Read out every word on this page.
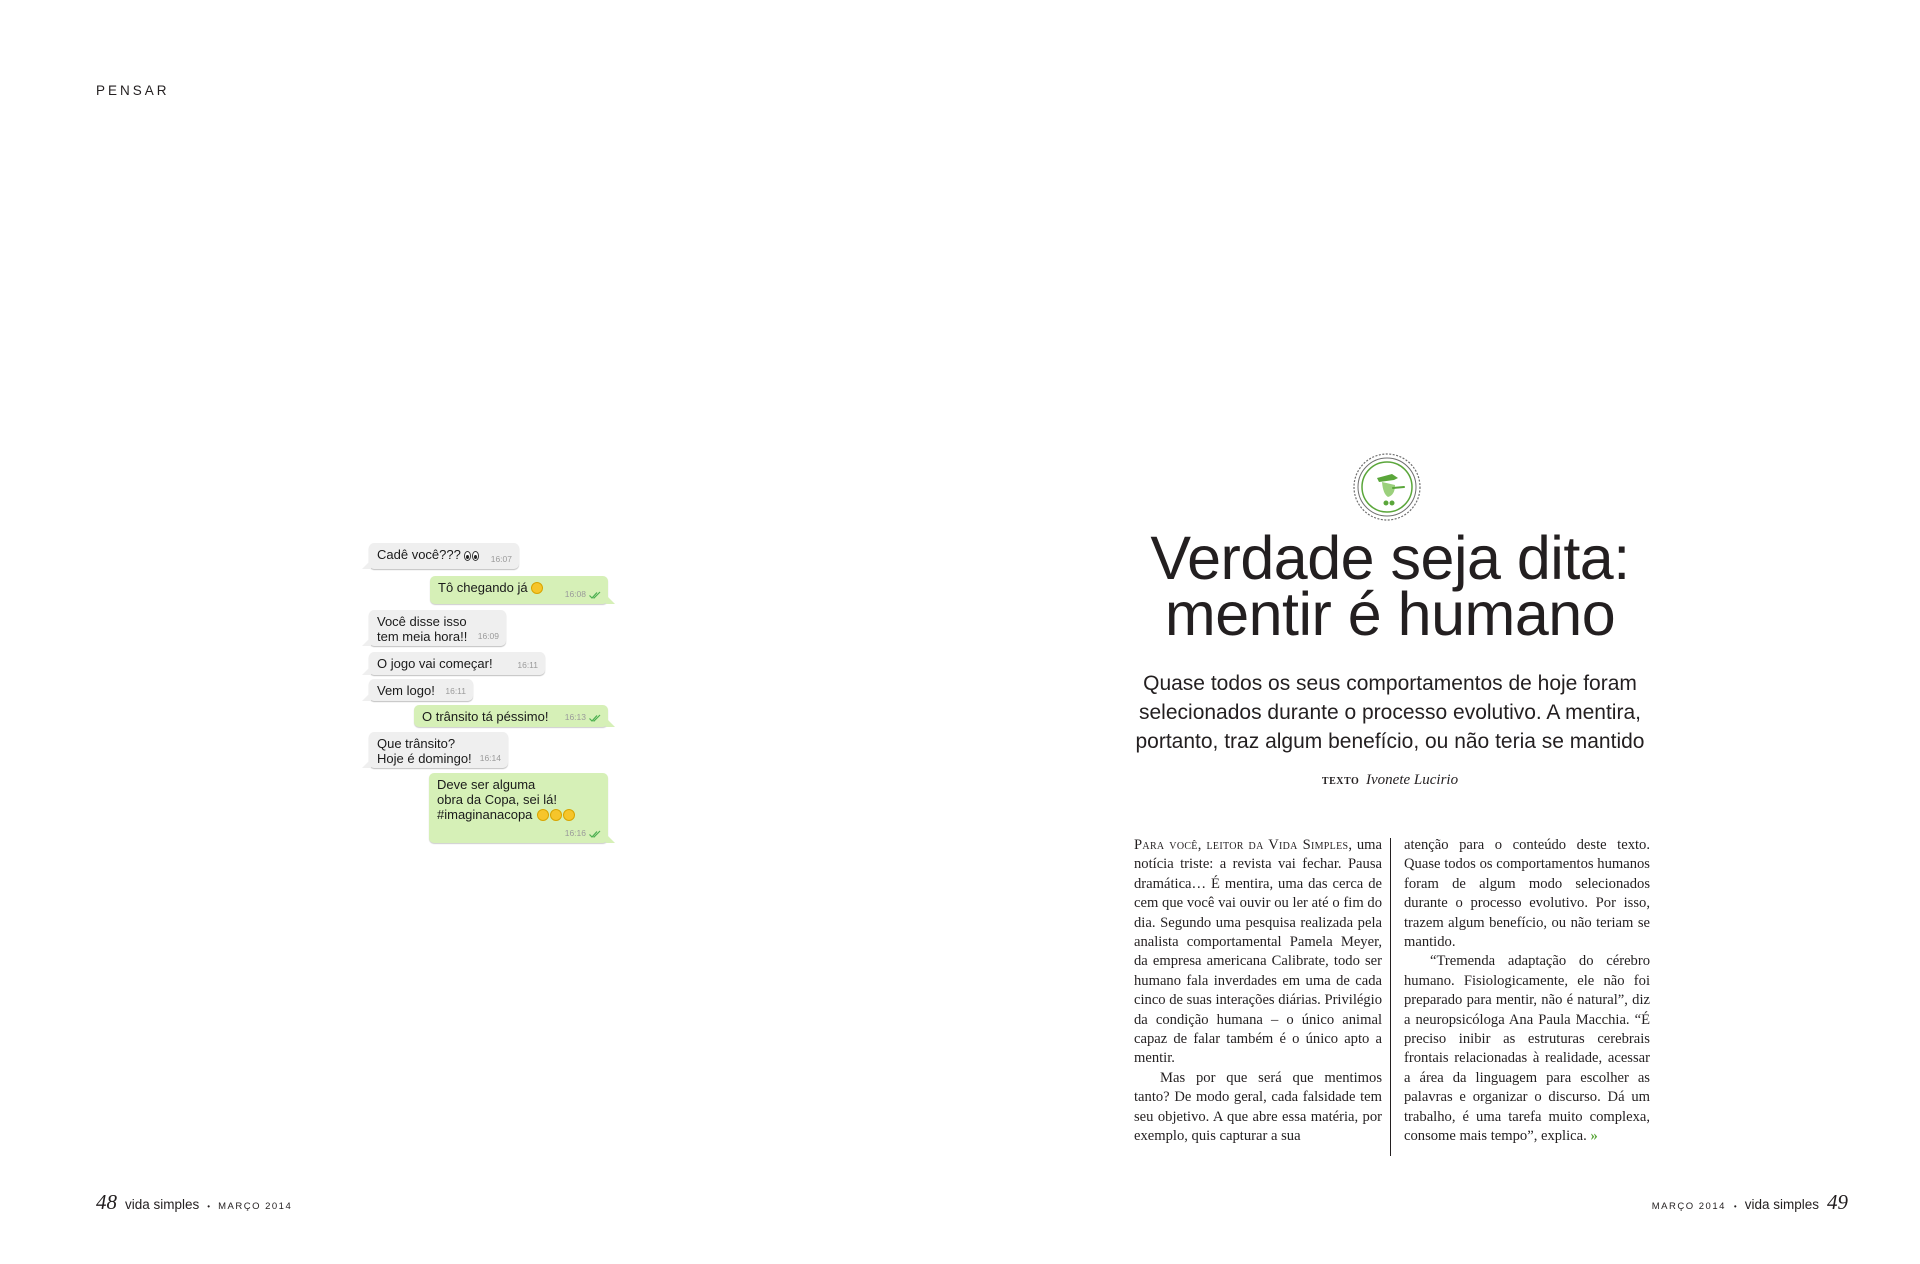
PENSAR
Cadê você???	16:07
Tô chegando já	16:08
Você disse isso
tem meia hora!! 16:09
O jogo vai começar!	16:11
Vem logo! 16:11
O trânsito tá péssimo! 16:13
Que trânsito?
Hoje é domingo! 16:14
Deve ser alguma
obra da Copa, sei lá!
#imaginanacopa
16:16
Verdade seja dita:
mentir é humano
Quase todos os seus comportamentos de hoje foram selecionados durante o processo evolutivo. A mentira, portanto, traz algum benefício, ou não teria se mantido
TEXTO Ivonete Lucirio

Para você, leitor da Vida Simples, uma notícia triste: a revista vai fechar. Pausa dramática… É mentira, uma das cerca de cem que você vai ouvir ou ler até o fim do dia. Segundo uma pesquisa realizada pela analista comportamental Pamela Meyer, da empresa americana Calibrate, todo ser humano fala inverdades em uma de cada cinco de suas interações diárias. Privilégio da condição humana – o único animal capaz de falar também é o único apto a mentir.

Mas por que será que mentimos tanto? De modo geral, cada falsidade tem seu objetivo. A que abre essa matéria, por exemplo, quis capturar a sua

atenção para o conteúdo deste texto. Quase todos os comportamentos humanos foram de algum modo selecionados durante o processo evolutivo. Por isso, trazem algum benefício, ou não teriam se mantido.

“Tremenda adaptação do cérebro humano. Fisiologicamente, ele não foi preparado para mentir, não é natural”, diz a neuropsicóloga Ana Paula Macchia. “É preciso inibir as estruturas cerebrais frontais relacionadas à realidade, acessar a área da linguagem para escolher as palavras e organizar o discurso. Dá um trabalho, é uma tarefa muito complexa, consome mais tempo”, explica. »

48 vida simples • MARÇO 2014	MARÇO 2014 • vida simples 49
